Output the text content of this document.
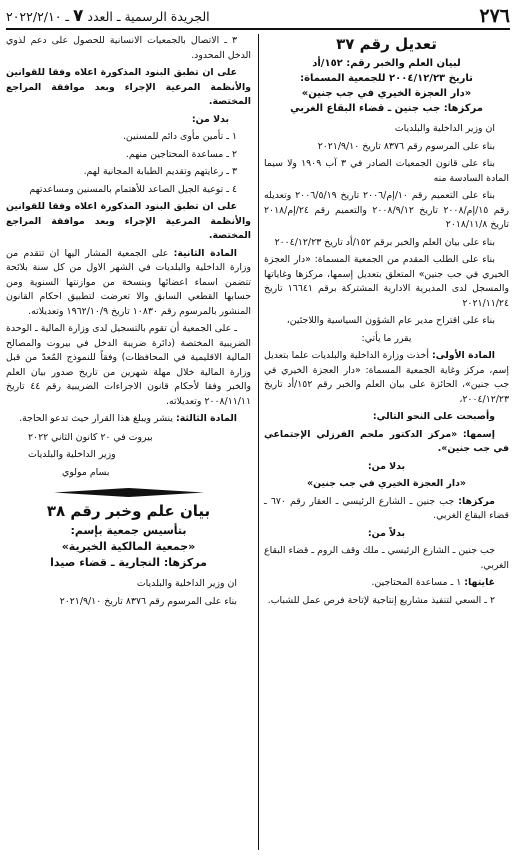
٢٧٦
الجريدة الرسمية ـ العدد ٧ ـ ٢٠٢٢/٢/١٠

تعديل رقم ٣٧

لبيان العلم والخبر رقم: ١٥٢/أد

تاريخ ٢٠٠٤/١٢/٢٣ للجمعية المسماة:

«دار العجزة الخيري في جب جنين»

مركزها: جب جنين ـ قضاء البقاع الغربي

ان وزير الداخلية والبلديات

بناء على المرسوم رقم ٨٣٧٦ تاريخ ٢٠٢١/٩/١٠

بناء على قانون الجمعيات الصادر في ٣ آب ١٩٠٩ ولا سيما المادة السادسة منه

بناء على التعميم رقم ١٠/إم/٢٠٠٦ تاريخ ٢٠٠٦/٥/١٩ وتعديله رقم ١٥/إم/٢٠٠٨ تاريخ ٢٠٠٨/٩/١٢ والتعميم رقم ٢٤/إم/٢٠١٨ تاريخ ٢٠١٨/١١/٨

بناء على بيان العلم والخبر برقم ١٥٢/أد تاريخ ٢٠٠٤/١٢/٢٣

بناء على الطلب المقدم من الجمعية المسماة: «دار العجزة الخيري في جب جنين» المتعلق بتعديل إسمها، مركزها وغاياتها والمسجل لدى المديرية الادارية المشتركة برقم ١٦٦٤١ تاريخ ٢٠٢١/١١/٢٤

بناء على اقتراح مدير عام الشؤون السياسية واللاجئين،

يقرر ما يأتي:

المادة الأولى: أخذت وزارة الداخلية والبلديات علما بتعديل إسم، مركز وغاية الجمعية المسماة: «دار العجزة الخيري في جب جنين»، الحائزة على بيان العلم والخبر رقم ١٥٢/أد تاريخ ٢٠٠٤/١٢/٢٣،

وأصبحت على النحو التالي:

إسمها: «مركز الدكتور ملحم الفرزلي الإجتماعي في جب جنين».

بدلا من:

«دار العجزة الخيري في جب جنين»

مركزها: جب جنين ـ الشارع الرئيسي ـ العقار رقم ٦٧٠ ـ قضاء البقاع الغربي.

بدلاً من:

جب جنين ـ الشارع الرئيسي ـ ملك وقف الروم ـ قضاء البقاع الغربي.

غايتها: ١ ـ مساعدة المحتاجين.

٢ ـ السعي لتنفيذ مشاريع إنتاجية لإتاحة فرص عمل للشباب.

٣ ـ الاتصال بالجمعيات الانسانية للحصول على دعم لذوي الدخل المحدود.

على ان تطبق البنود المذكورة اعلاه وفقا للقوانين والأنظمة المرعية الإجراء وبعد موافقة المراجع المختصة.

بدلا من:

١ ـ تأمين مأوى دائم للمسنين.

٢ ـ مساعدة المحتاجين منهم.

٣ ـ رعايتهم وتقديم الطبابة المجانية لهم.

٤ ـ توعية الجيل الصاعد للأهتمام بالمسنين ومساعدتهم

على ان تطبق البنود المذكورة اعلاه وفقا للقوانين والأنظمة المرعية الإجراء وبعد موافقة المراجع المختصة.

المادة الثانية: على الجمعية المشار اليها ان تتقدم من وزارة الداخلية والبلديات في الشهر الاول من كل سنة بلائحة تتضمن اسماء اعضائها وبنسخة من موازنتها السنوية ومن حسابها القطعي السابق والا تعرضت لتطبيق احكام القانون المنشور بالمرسوم رقم ١٠٨٣٠ تاريخ ١٩٦٢/١٠/٩ وتعديلاته.

ـ على الجمعية أن تقوم بالتسجيل لدى وزارة المالية ـ الوحدة الضريبية المختصة (دائرة ضريبة الدخل في بيروت والمصالح المالية الاقليمية في المحافظات) وفقاً للنموذج المُعدّ من قبل وزارة المالية خلال مهلة شهرين من تاريخ صدور بيان العلم والخبر وفقا لأحكام قانون الاجراءات الضريبية رقم ٤٤ تاريخ ٢٠٠٨/١١/١١ وتعديلاته.

المادة الثالثة: ينشر ويبلغ هذا القرار حيث تدعو الحاجة.

بيروت في ٢٠ كانون الثاني ٢٠٢٢

وزير الداخلية والبلديات

بسام مولوي

بيان علم وخبر رقم ٣٨

بتأسيس جمعية بإسم:

«جمعية المالكية الخيرية»

مركزها: النجارية ـ قضاء صيدا

ان وزير الداخلية والبلديات

بناء على المرسوم رقم ٨٣٧٦ تاريخ ٢٠٢١/٩/١٠
